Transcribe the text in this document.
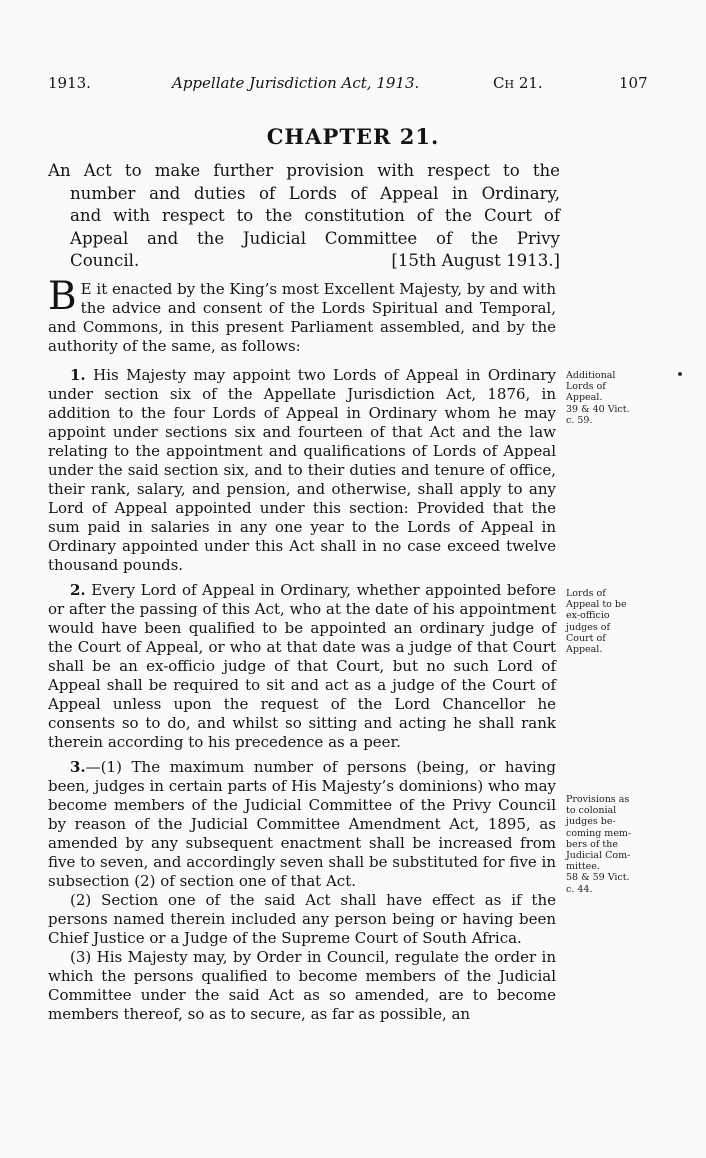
1913.	Appellate Jurisdiction Act, 1913.	Ch 21.	107
CHAPTER 21.
An Act to make further provision with respect to the
number and duties of Lords of Appeal in Ordinary,
and with respect to the constitution of the Court of
Appeal and the Judicial Committee of the Privy
Council.	[15th August 1913.]

B E it enacted by the King’s most Excellent Majesty, by and with the advice and consent of the Lords Spiritual and Temporal, and Commons, in this present Parliament assembled, and by the authority of the same, as follows:

1. His Majesty may appoint two Lords of Appeal in Ordinary under section six of the Appellate Jurisdiction Act, 1876, in addition to the four Lords of Appeal in Ordinary whom he may appoint under sections six and fourteen of that Act and the law relating to the appointment and qualifications of Lords of Appeal under the said section six, and to their duties and tenure of office, their rank, salary, and pension, and otherwise, shall apply to any Lord of Appeal appointed under this section: Provided that the sum paid in salaries in any one year to the Lords of Appeal in Ordinary appointed under this Act shall in no case exceed twelve thousand pounds.

2. Every Lord of Appeal in Ordinary, whether appointed before or after the passing of this Act, who at the date of his appointment would have been qualified to be appointed an ordinary judge of the Court of Appeal, or who at that date was a judge of that Court shall be an ex-officio judge of that Court, but no such Lord of Appeal shall be required to sit and act as a judge of the Court of Appeal unless upon the request of the Lord Chancellor he consents so to do, and whilst so sitting and acting he shall rank therein according to his precedence as a peer.

3.—(1) The maximum number of persons (being, or having been, judges in certain parts of His Majesty’s dominions) who may become members of the Judicial Committee of the Privy Council by reason of the Judicial Committee Amendment Act, 1895, as amended by any subsequent enactment shall be increased from five to seven, and accordingly seven shall be substituted for five in subsection (2) of section one of that Act.

(2) Section one of the said Act shall have effect as if the persons named therein included any person being or having been Chief Justice or a Judge of the Supreme Court of South Africa.

(3) His Majesty may, by Order in Council, regulate the order in which the persons qualified to become members of the Judicial Committee under the said Act as so amended, are to become members thereof, so as to secure, as far as possible, an

Additional
Lords of
Appeal.
39 & 40 Vict.
c. 59.
Lords of
Appeal to be
ex-officio
judges of
Court of
Appeal.
Provisions as
to colonial
judges be-
coming mem-
bers of the
Judicial Com-
mittee.
58 & 59 Vict.
c. 44.
